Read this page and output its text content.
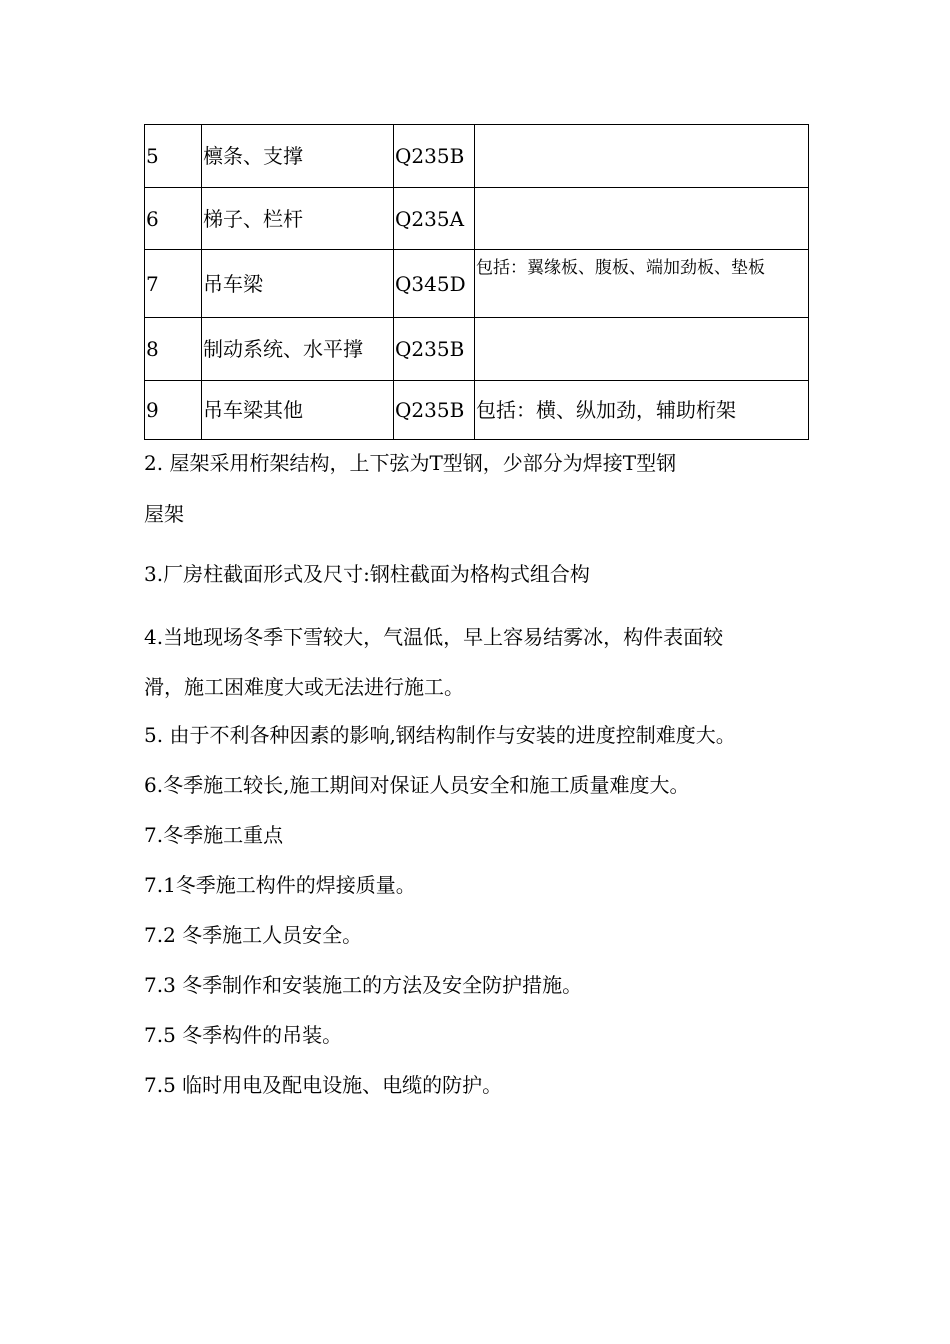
5	檩条、支撑	Q235B	
6	梯子、栏杆	Q235A	
7	吊车梁	Q345D	包括：翼缘板、腹板、端加劲板、垫板
8	制动系统、水平撑	Q235B	
9	吊车梁其他	Q235B	包括：横、纵加劲，辅助桁架
2. 屋架采用桁架结构，上下弦为T型钢，少部分为焊接T型钢
屋架
3.厂房柱截面形式及尺寸:钢柱截面为格构式组合构
4.当地现场冬季下雪较大，气温低，早上容易结雾冰，构件表面较
滑，施工困难度大或无法进行施工。
5. 由于不利各种因素的影响,钢结构制作与安装的进度控制难度大。
6.冬季施工较长,施工期间对保证人员安全和施工质量难度大。
7.冬季施工重点
7.1冬季施工构件的焊接质量。
7.2 冬季施工人员安全。
7.3 冬季制作和安装施工的方法及安全防护措施。
7.5 冬季构件的吊装。
7.5 临时用电及配电设施、电缆的防护。
